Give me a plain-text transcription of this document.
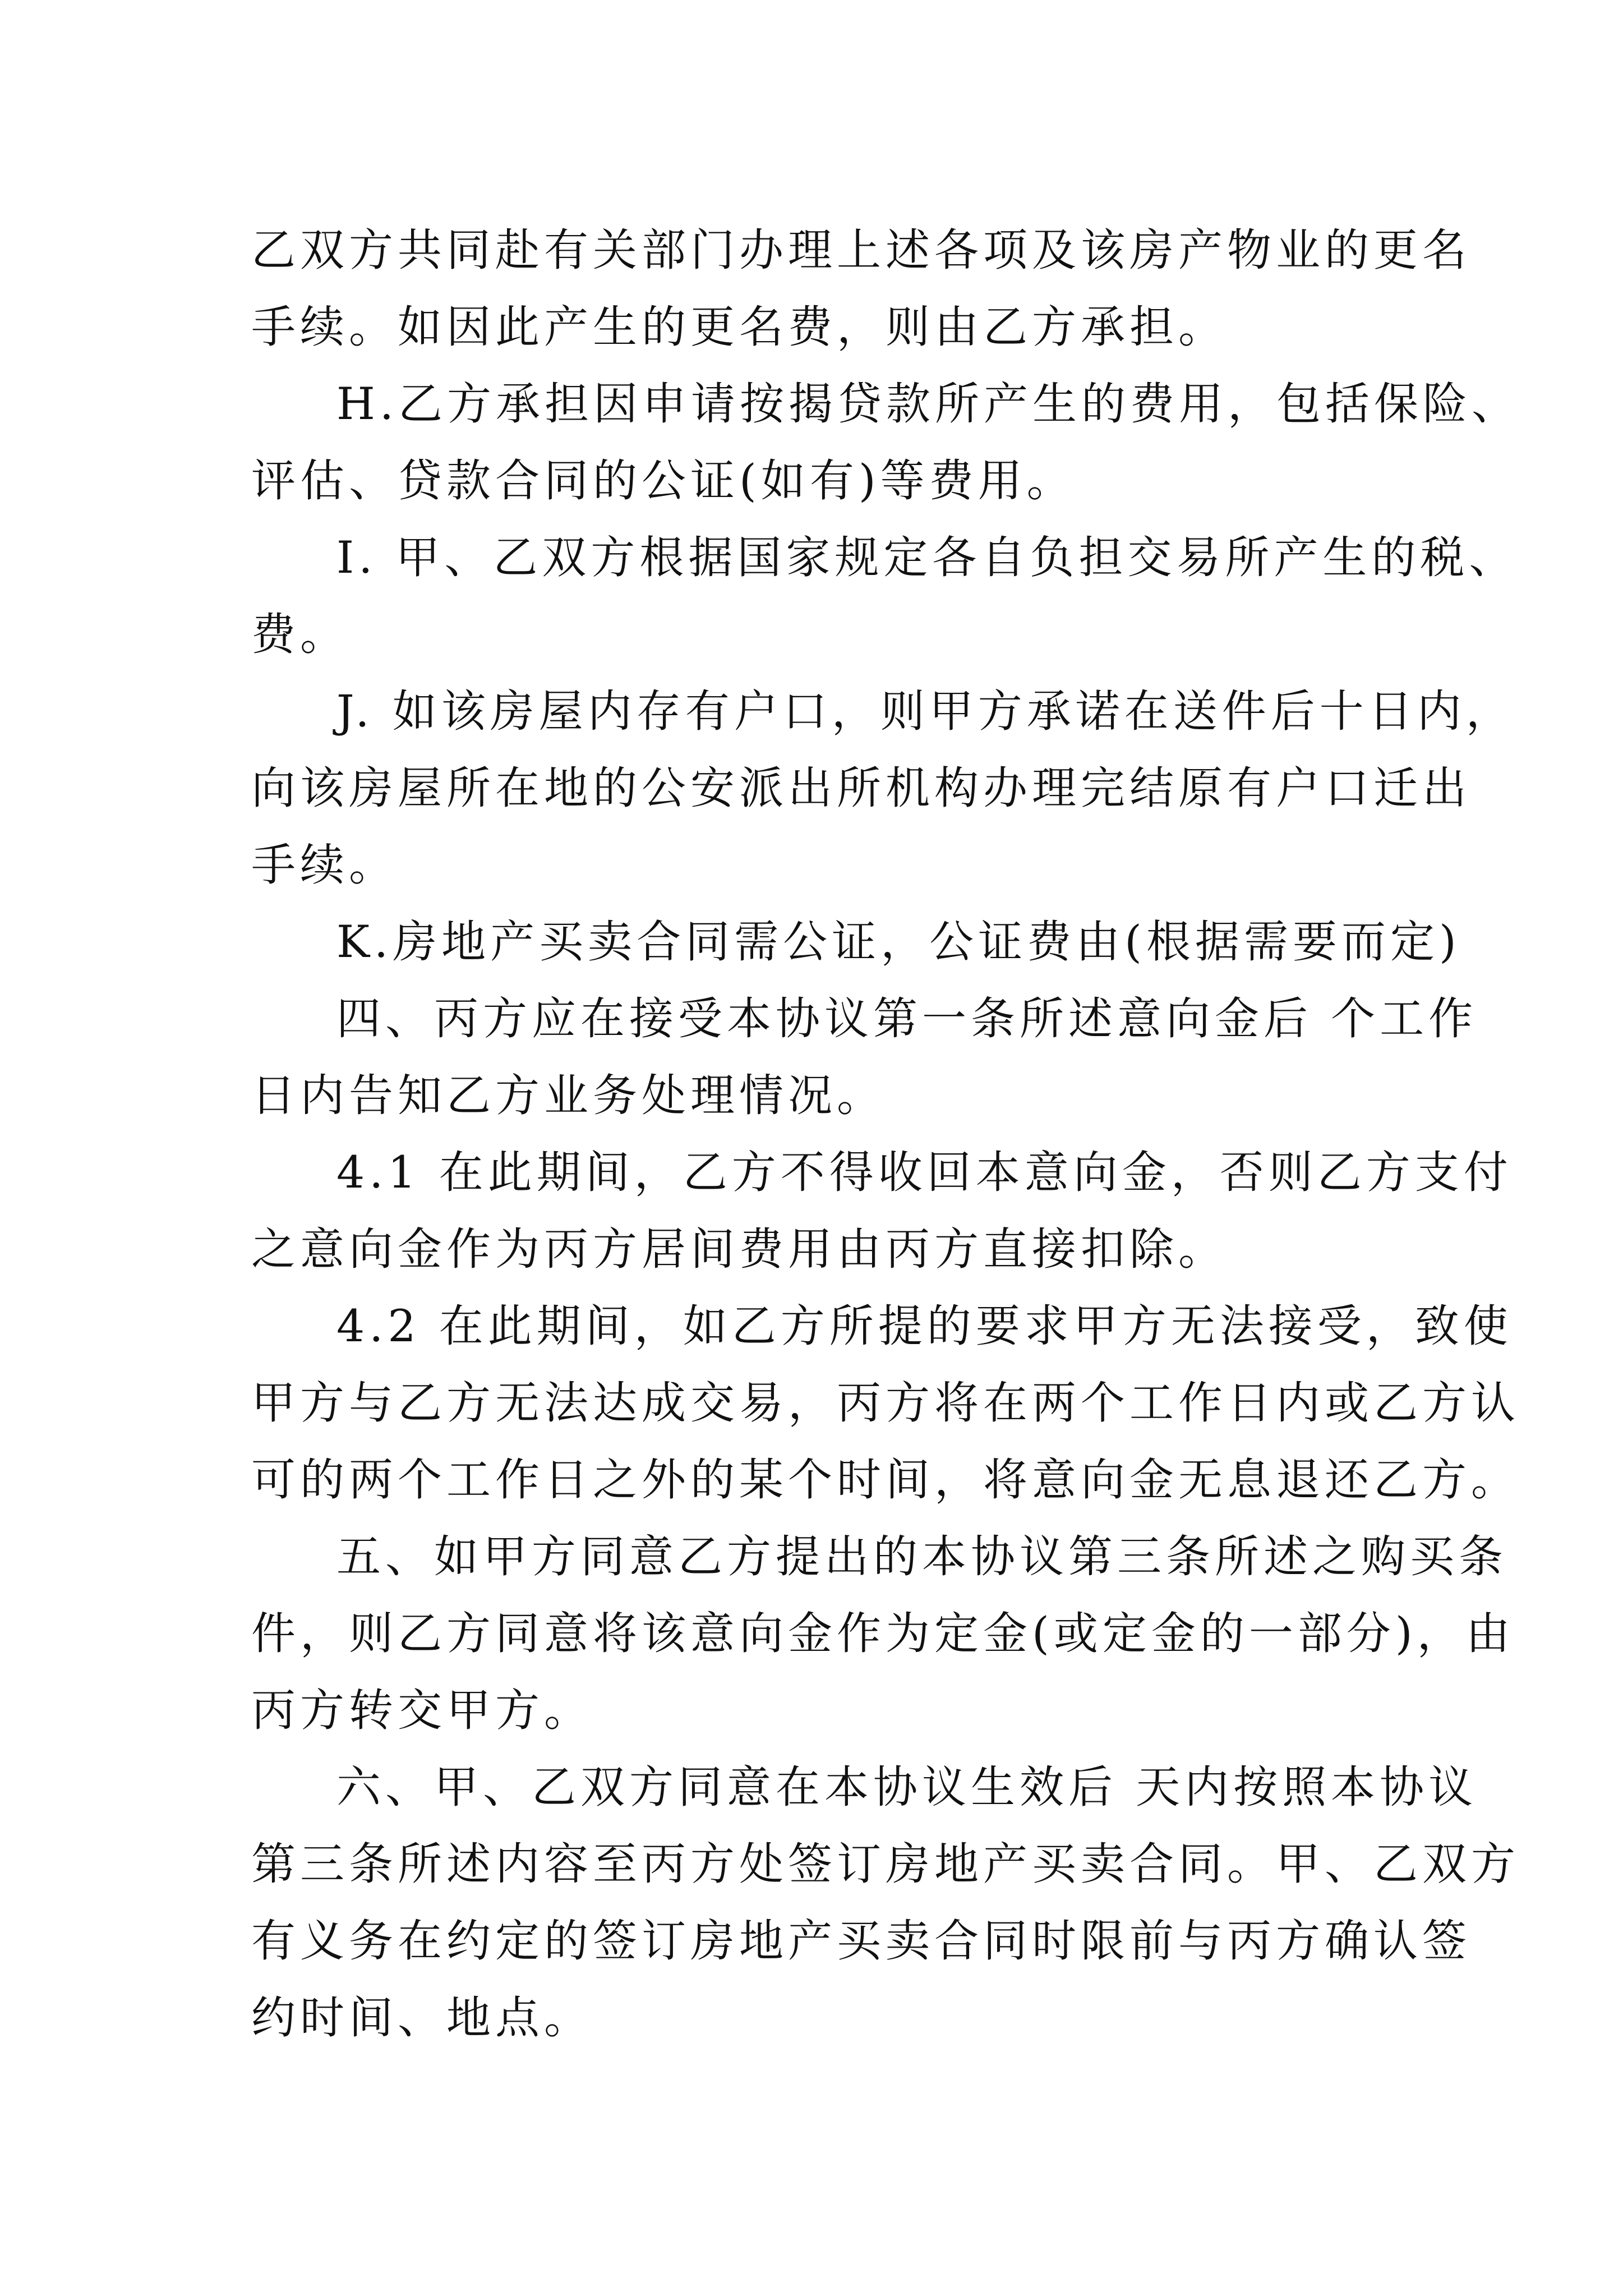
乙双方共同赴有关部门办理上述各项及该房产物业的更名
手续。如因此产生的更名费，则由乙方承担。
H.乙方承担因申请按揭贷款所产生的费用，包括保险、
评估、贷款合同的公证(如有)等费用。
I. 甲、乙双方根据国家规定各自负担交易所产生的税、
费。
J. 如该房屋内存有户口，则甲方承诺在送件后十日内，
向该房屋所在地的公安派出所机构办理完结原有户口迁出
手续。
K.房地产买卖合同需公证，公证费由(根据需要而定)
四、丙方应在接受本协议第一条所述意向金后 个工作
日内告知乙方业务处理情况。
4.1 在此期间，乙方不得收回本意向金，否则乙方支付
之意向金作为丙方居间费用由丙方直接扣除。
4.2 在此期间，如乙方所提的要求甲方无法接受，致使
甲方与乙方无法达成交易，丙方将在两个工作日内或乙方认
可的两个工作日之外的某个时间，将意向金无息退还乙方。
五、如甲方同意乙方提出的本协议第三条所述之购买条
件，则乙方同意将该意向金作为定金(或定金的一部分)，由
丙方转交甲方。
六、甲、乙双方同意在本协议生效后 天内按照本协议
第三条所述内容至丙方处签订房地产买卖合同。甲、乙双方
有义务在约定的签订房地产买卖合同时限前与丙方确认签
约时间、地点。
